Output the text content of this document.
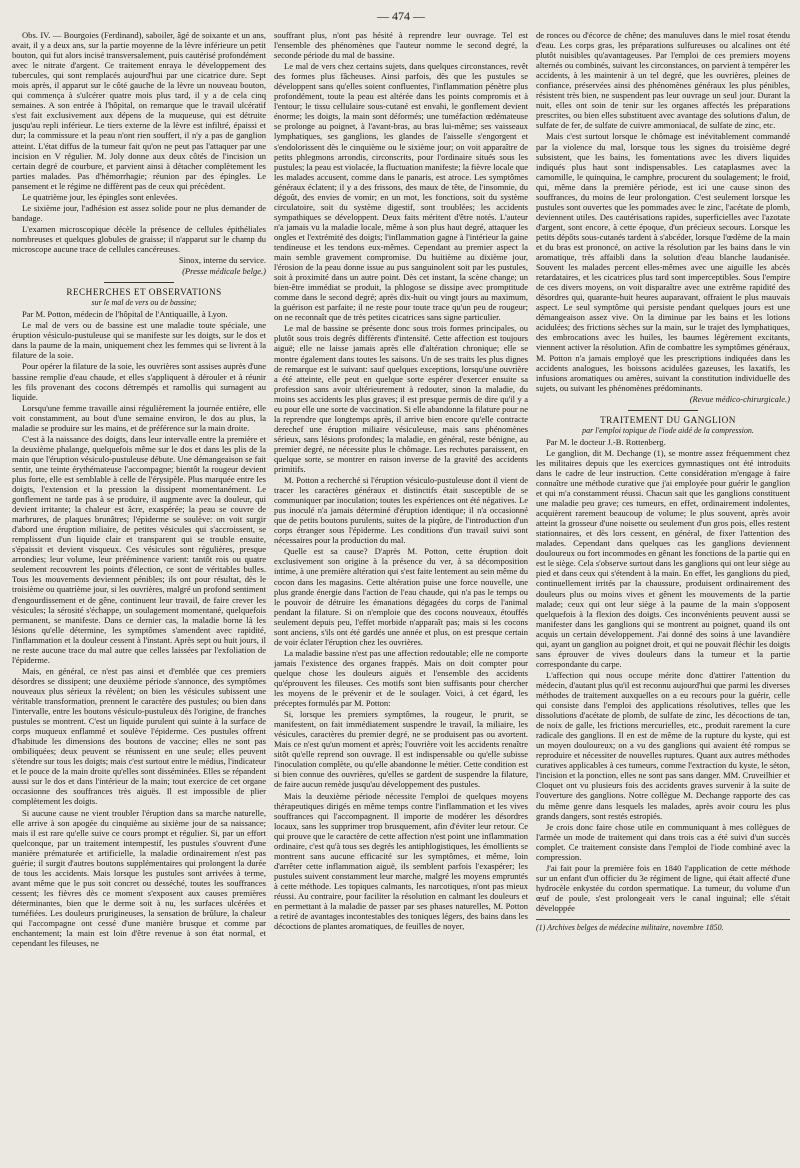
— 474 —

Obs. IV. — Bourgoies (Ferdinand), saboiler, âgé de soixante et un ans, avait, il y a deux ans, sur la partie moyenne de la lèvre inférieure un petit bouton, qui fut alors incisé transversalement, puis cautérisé profondément avec le nitrate d'argent. Ce traitement enraya le développement des tubercules, qui sont remplacés aujourd'hui par une cicatrice dure. Sept mois après, il apparut sur le côté gauche de la lèvre un nouveau bouton, qui commença à s'ulcérer quatre mois plus tard, il y a de cela cinq semaines. A son entrée à l'hôpital, on remarque que le travail ulcératif s'est fait exclusivement aux dépens de la muqueuse, qui est détruite jusqu'au repli inférieur. Le tiers externe de la lèvre est infiltré, épaissi et dur; la commissure et la peau n'ont rien souffert, il n'y a pas de ganglion atteint. L'état diffus de la tumeur fait qu'on ne peut pas l'attaquer par une incision en V régulier. M. Joly donne aux deux côtés de l'incision un certain degré de courbure, et parvient ainsi à détacher complètement les parties malades. Pas d'hémorrhagie; réunion par des épingles. Le pansement et le régime ne diffèrent pas de ceux qui précèdent.

Le quatrième jour, les épingles sont enlevées.

Le sixième jour, l'adhésion est assez solide pour ne plus demander de bandage.

L'examen microscopique décèle la présence de cellules épithéliales nombreuses et quelques globules de graisse; il n'apparut sur le champ du microscope aucune trace de cellules cancéreuses.

Sinox, interne du service.

(Presse médicale belge.)

RECHERCHES ET OBSERVATIONS

sur le mal de vers ou de bassine;

Par M. Potton, médecin de l'hôpital de l'Antiquaille, à Lyon.

Le mal de vers ou de bassine est une maladie toute spéciale, une éruption vésiculo-pustuleuse qui se manifeste sur les doigts, sur le dos et dans la paume de la main, uniquement chez les femmes qui se livrent à la filature de la soie.

Pour opérer la filature de la soie, les ouvrières sont assises auprès d'une bassine remplie d'eau chaude, et elles s'appliquent à dérouler et à réunir les fils provenant des cocons détrempés et ramollis qui surnagent au liquide.

Lorsqu'une femme travaille ainsi régulièrement la journée entière, elle voit constamment, au bout d'une semaine environ, le dos au plus, la maladie se produire sur les mains, et de préférence sur la main droite.

C'est à la naissance des doigts, dans leur intervalle entre la première et la deuxième phalange, quelquefois même sur le dos et dans les plis de la main que l'éruption vésiculo-pustuleuse débute. Une démangeaison se fait sentir, une teinte érythémateuse l'accompagne; bientôt la rougeur devient plus forte, elle est semblable à celle de l'érysipèle. Plus marquée entre les doigts, l'extension et la pression la dissipent momentanément. Le gonflement ne tarde pas à se produire, il augmente avec la douleur, qui devient irritante; la chaleur est âcre, exaspérée; la peau se couvre de marbrures, de plaques brunâtres; l'épiderme se soulève: on voit surgir d'abord une éruption miliaire, de petites vésicules qui s'accroissent, se remplissent d'un liquide clair et transparent qui se trouble ensuite, s'épaissit et devient visqueux. Ces vésicules sont régulières, presque arrondies; leur volume, leur prééminence varient: tantôt rois ou quatre seulement recouvrent les points d'élection, ce sont de véritables bulles. Tous les mouvements deviennent pénibles; ils ont pour résultat, dès le troisième ou quatrième jour, si les ouvrières, malgré un profond sentiment d'engourdissement et de gêne, continuent leur travail, de faire crever les vésicules; la sérosité s'échappe, un soulagement momentané, quelquefois permanent, se manifeste. Dans ce dernier cas, la maladie borne là les lésions qu'elle détermine, les symptômes s'amendent avec rapidité, l'inflammation et la douleur cessent à l'instant. Après sept ou huit jours, il ne reste aucune trace du mal autre que celles laissées par l'exfoliation de l'épiderme.

Mais, en général, ce n'est pas ainsi et d'emblée que ces premiers désordres se dissipent; une deuxième période s'annonce, des symptômes nouveaux plus sérieux la révèlent; on bien les vésicules subissent une véritable transformation, prennent le caractère des pustules; ou bien dans l'intervalle, entre les boutons vésiculo-pustuleux dès l'origine, de franches pustules se montrent. C'est un liquide purulent qui suinte à la surface de corps muqueux enflammé et soulève l'épiderme. Ces pustules offrent d'habitude les dimensions des boutons de vaccine; elles ne sont pas ombiliquées; deux peuvent se réunissent en une seule; elles peuvent s'étendre sur tous les doigts; mais c'est surtout entre le médius, l'indicateur et le pouce de la main droite qu'elles sont disséminées. Elles se répandent aussi sur le dos et dans l'intérieur de la main; tout exercice de cet organe occasionne des souffrances très aiguës. Il est impossible de plier complètement les doigts.

Si aucune cause ne vient troubler l'éruption dans sa marche naturelle, elle arrive à son apogée du cinquième au sixième jour de sa naissance; mais il est rare qu'elle suive ce cours prompt et régulier. Si, par un effort quelconque, par un traitement intempestif, les pustules s'ouvrent d'une manière prématurée et artificielle, la maladie ordinairement n'est pas guérie; il surgit d'autres boutons supplémentaires qui prolongent la durée de tous les accidents. Mais lorsque les pustules sont arrivées à terme, avant même que le pus soit concret ou desséché, toutes les souffrances cessent; les fièvres dès ce moment s'exposent aux causes premières déterminantes, bien que le derme soit à nu, les surfaces ulcérées et tuméfiées. Les douleurs prurigineuses, la sensation de brûlure, la chaleur qui l'accompagne ont cessé d'une manière brusque et comme par enchantement; la main est loin d'être revenue à son état normal, et cependant les fileuses, ne

souffrant plus, n'ont pas hésité à reprendre leur ouvrage. Tel est l'ensemble des phénomènes que l'auteur nomme le second degré, la seconde période du mal de bassine.

Le mal de vers chez certains sujets, dans quelques circonstances, revêt des formes plus fâcheuses. Ainsi parfois, dès que les pustules se développent sans qu'elles soient confluentes, l'inflammation pénètre plus profondément, toute la peau est altérée dans les points compromis et à l'entour; le tissu cellulaire sous-cutané est envahi, le gonflement devient énorme; les doigts, la main sont déformés; une tuméfaction œdémateuse se prolonge au poignet, à l'avant-bras, au bras lui-même; ses vaisseaux lymphatiques, ses ganglions, les glandes de l'aisselle s'engorgent et s'endolorissent dès le cinquième ou le sixième jour; on voit apparaître de petits phlegmons arrondis, circonscrits, pour l'ordinaire situés sous les pustules; la peau est violacée, la fluctuation manifeste; la fièvre locale que les malades accusent, comme dans le panaris, est atroce. Les symptômes généraux éclatent; il y a des frissons, des maux de tête, de l'insomnie, du dégoût, des envies de vomir; en un mot, les fonctions, soit du système circulatoire, soit du système digestif, sont troublées; les accidents sympathiques se développent. Deux faits méritent d'être notés. L'auteur n'a jamais vu la maladie locale, même à son plus haut degré, attaquer les ongles et l'extrémité des doigts; l'inflammation gagne à l'intérieur la gaine tendineuse et les tendons eux-mêmes. Cependant au premier aspect la main semble gravement compromise. Du huitième au dixième jour, l'érosion de la peau donne issue au pus sanguinolent soit par les pustules, soit à proximité dans un autre point. Dès cet instant, la scène change; un bien-être immédiat se produit, la phlogose se dissipe avec promptitude comme dans le second degré; après dix-huit ou vingt jours au maximum, la guérison est parfaite; il ne reste pour toute trace qu'un peu de rougeur; on ne reconnaît que de très petites cicatrices sans signe particulier.

Le mal de bassine se présente donc sous trois formes principales, ou plutôt sous trois degrés différents d'intensité. Cette affection est toujours aiguë; elle ne laisse jamais après elle d'altération chronique; elle se montre également dans toutes les saisons. Un de ses traits les plus dignes de remarque est le suivant: sauf quelques exceptions, lorsqu'une ouvrière a été atteinte, elle peut en quelque sorte espérer d'exercer ensuite sa profession sans avoir ultérieurement à redouter, sinon la maladie, du moins ses accidents les plus graves; il est presque permis de dire qu'il y a eu pour elle une sorte de vaccination. Si elle abandonne la filature pour ne la reprendre que longtemps après, il arrive bien encore qu'elle contracte derechef une éruption miliaire vésiculeuse, mais sans phénomènes sérieux, sans lésions profondes; la maladie, en général, reste bénigne, au premier degré, ne nécessite plus le chômage. Les rechutes paraissent, en quelque sorte, se montrer en raison inverse de la gravité des accidents primitifs.

M. Potton a recherché si l'éruption vésiculo-pustuleuse dont il vient de tracer les caractères généraux et distinctifs était susceptible de se communiquer par inoculation; toutes les expériences ont été négatives. Le pus inoculé n'a jamais déterminé d'éruption identique; il n'a occasionné que de petits boutons purulents, suites de la piqûre, de l'introduction d'un corps étranger sous l'épiderme. Les conditions d'un travail suivi sont nécessaires pour la production du mal.

Quelle est sa cause? D'après M. Potton, cette éruption doit exclusivement son origine à la présence du ver, à sa décomposition intime, à une première altération qui s'est faite lentement au sein même du cocon dans les magasins. Cette altération puise une force nouvelle, une plus grande énergie dans l'action de l'eau chaude, qui n'a pas le temps ou le pouvoir de détruire les émanations dégagées du corps de l'animal pendant la filature. Si on n'emploie que des cocons nouveaux, étouffés seulement depuis peu, l'effet morbide n'apparaît pas; mais si les cocons sont anciens, s'ils ont été gardés une année et plus, on est presque certain de voir éclater l'éruption chez les ouvrières.

La maladie bassine n'est pas une affection redoutable; elle ne comporte jamais l'existence des organes frappés. Mais on doit compter pour quelque chose les douleurs aiguës et l'ensemble des accidents qu'éprouvent les fileuses. Ces motifs sont bien suffisants pour chercher les moyens de le prévenir et de le soulager. Voici, à cet égard, les préceptes formulés par M. Potton:

Si, lorsque les premiers symptômes, la rougeur, le prurit, se manifestent, on fait immédiatement suspendre le travail, la miliaire, les vésicules, caractères du premier degré, ne se produisent pas ou avortent. Mais ce n'est qu'un moment et après; l'ouvrière voit les accidents renaître sitôt qu'elle reprend son ouvrage. Il est indispensable ou qu'elle subisse l'inoculation complète, ou qu'elle abandonne le métier. Cette condition est si bien connue des ouvrières, qu'elles se gardent de suspendre la filature, de faire aucun remède jusqu'au développement des pustules.

Mais la deuxième période nécessite l'emploi de quelques moyens thérapeutiques dirigés en même temps contre l'inflammation et les vives souffrances qui l'accompagnent. Il importe de modérer les désordres locaux, sans les supprimer trop brusquement, afin d'éviter leur retour. Ce qui prouve que le caractère de cette affection n'est point une inflammation ordinaire, c'est qu'à tous ses degrés les antiphlogistiques, les émollients se montrent sans aucune efficacité sur les symptômes, et même, loin d'arrêter cette inflammation aiguë, ils semblent parfois l'exaspérer; les pustules suivent constamment leur marche, malgré les moyens empruntés à cette méthode. Les topiques calmants, les narcotiques, n'ont pas mieux réussi. Au contraire, pour faciliter la résolution en calmant les douleurs et en permettant à la maladie de passer par ses phases naturelles, M. Potton a retiré de avantages incontestables des toniques légers, des bains dans les décoctions de plantes aromatiques, de feuilles de noyer,

de ronces ou d'écorce de chêne; des manuluves dans le miel rosat étendu d'eau. Les corps gras, les préparations sulfureuses ou alcalines ont été plutôt nuisibles qu'avantageuses. Par l'emploi de ces premiers moyens alternés ou combinés, suivant les circonstances, on parvient à tempérer les accidents, à les maintenir à un tel degré, que les ouvrières, pleines de confiance, préservées ainsi des phénomènes généraux les plus pénibles, résistent très bien, ne suspendent pas leur ouvrage un seul jour. Durant la nuit, elles ont soin de tenir sur les organes affectés les préparations prescrites, ou bien elles substituent avec avantage des solutions d'alun, de sulfate de fer, de sulfate de cuivre ammoniacal, de sulfate de zinc, etc.

Mais c'est surtout lorsque le chômage est inévitablement commandé par la violence du mal, lorsque tous les signes du troisième degré subsistent, que les bains, les fomentations avec les divers liquides indiqués plus haut sont indispensables. Les cataplasmes avec la camomille, le quinquina, le camphre, procurent du soulagement; le froid, qui, même dans la première période, est ici une cause sinon des souffrances, du moins de leur prolongation. C'est seulement lorsque les pustules sont ouvertes que les pommades avec le zinc, l'acétate de plomb, deviennent utiles. Des cautérisations rapides, superficielles avec l'azotate d'argent, sont encore, à cette époque, d'un précieux secours. Lorsque les petits dépôts sous-cutanés tardent à s'abcéder, lorsque l'œdème de la main et du bras est prononcé, on active la résolution par les bains dans le vin aromatique, très affaibli dans la solution d'eau blanche laudanisée. Souvent les malades percent elles-mêmes avec une aiguille les abcès retardataires, et les cicatrices plus tard sont imperceptibles. Sous l'empire de ces divers moyens, on voit disparaître avec une extrême rapidité des désordres qui, quarante-huit heures auparavant, offraient le plus mauvais aspect. Le seul symptôme qui persiste pendant quelques jours est une démangeaison assez vive. On la diminue par les bains et les lotions acidulées; des frictions sèches sur la main, sur le trajet des lymphatiques, des embrocations avec les huiles, les baumes légèrement excitants, viennent activer la résolution. Afin de combattre les symptômes généraux, M. Potton n'a jamais employé que les prescriptions indiquées dans les accidents analogues, les boissons acidulées gazeuses, les laxatifs, les infusions aromatiques ou amères, suivant la constitution individuelle des sujets, ou suivant les phénomènes prédominants.

(Revue médico-chirurgicale.)

TRAITEMENT DU GANGLION

par l'emploi topique de l'iode aidé de la compression.

Par M. le docteur J.-B. Rottenberg.

Le ganglion, dit M. Dechange (1), se montre assez fréquemment chez les militaires depuis que les exercices gymnastiques ont été introduits dans le cadre de leur instruction. Cette considération m'engage à faire connaître une méthode curative que j'ai employée pour guérir le ganglion et qui m'a constamment réussi. Chacun sait que les ganglions constituent une maladie peu grave; ces tumeurs, en effet, ordinairement indolentes, acquièrent rarement beaucoup de volume; le plus souvent, après avoir atteint la grosseur d'une noisette ou seulement d'un gros pois, elles restent stationnaires, et dès lors cessent, en général, de fixer l'attention des malades. Cependant dans quelques cas les ganglions deviennent douloureux ou fort incommodes en gênant les fonctions de la partie qui en est le siège. Cela s'observe surtout dans les ganglions qui ont leur siège au pied et dans ceux qui s'étendent à la main. En effet, les ganglions du pied, continuellement irrités par la chaussure, produisent ordinairement des douleurs plus ou moins vives et gênent les mouvements de la partie malade; ceux qui ont leur siège à la paume de la main s'opposent quelquefois à la flexion des doigts. Ces inconvénients peuvent aussi se manifester dans les ganglions qui se montrent au poignet, quand ils ont acquis un certain développement. J'ai donné des soins à une lavandière qui, ayant un ganglion au poignet droit, et qui ne pouvait fléchir les doigts sans éprouver de vives douleurs dans la tumeur et la partie correspondante du carpe.

L'affection qui nous occupe mérite donc d'attirer l'attention du médecin, d'autant plus qu'il est reconnu aujourd'hui que parmi les diverses méthodes de traitement auxquelles on a eu recours pour la guérir, celle qui consiste dans l'emploi des applications résolutives, telles que les dissolutions d'acétate de plomb, de sulfate de zinc, les décoctions de tan, de noix de galle, les frictions mercurielles, etc., produit rarement la cure radicale des ganglions. Il en est de même de la rupture du kyste, qui est un moyen douloureux; on a vu des ganglions qui avaient été rompus se reproduire et nécessiter de nouvelles ruptures. Quant aux autres méthodes curatives applicables à ces tumeurs, comme l'extraction du kyste, le séton, l'incision et la ponction, elles ne sont pas sans danger. MM. Cruveilhier et Cloquet ont vu plusieurs fois des accidents graves survenir à la suite de l'ouverture des ganglions. Notre collègue M. Dechange rapporte des cas du même genre dans lesquels les malades, après avoir couru les plus grands dangers, sont restés estropiés.

Je crois donc faire chose utile en communiquant à mes collègues de l'armée un mode de traitement qui dans trois cas a été suivi d'un succès complet. Ce traitement consiste dans l'emploi de l'iode combiné avec la compression.

J'ai fait pour la première fois en 1840 l'application de cette méthode sur un enfant d'un officier du 3e régiment de ligne, qui était affecté d'une hydrocèle enkystée du cordon spermatique. La tumeur, du volume d'un œuf de poule, s'est prolongeait vers le canal inguinal; elle s'était développée

(1) Archives belges de médecine militaire, novembre 1850.
